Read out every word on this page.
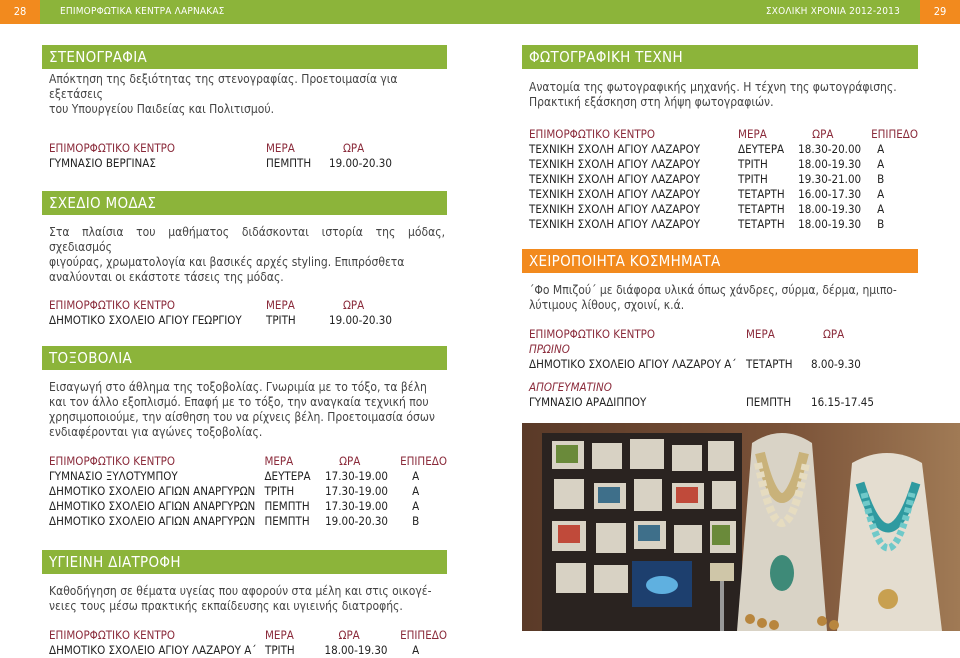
28	ΕΠΙΜΟΡΦΩΤΙΚΑ ΚΕΝΤΡΑ ΛΑΡΝΑΚΑΣ	ΣΧΟΛΙΚΗ ΧΡΟΝΙΑ 2012-2013	29
ΣΤΕΝΟΓΡΑΦΙΑ
Απόκτηση της δεξιότητας της στενογραφίας. Προετοιμασία για εξετάσεις
του Υπουργείου Παιδείας και Πολιτισμού.
ΕΠΙΜΟΡΦΩΤΙΚΟ ΚΕΝΤΡΟ	ΜΕΡΑ	ΩΡΑ
ΓΥΜΝΑΣΙΟ ΒΕΡΓΙΝΑΣ	ΠΕΜΠΤΗ	19.00-20.30
ΣΧΕΔΙΟ ΜΟΔΑΣ
Στα πλαίσια του μαθήματος διδάσκονται ιστορία της μόδας, σχεδιασμός
φιγούρας, χρωματολογία και βασικές αρχές styling. Επιπρόσθετα
αναλύονται οι εκάστοτε τάσεις της μόδας.
ΕΠΙΜΟΡΦΩΤΙΚΟ ΚΕΝΤΡΟ	ΜΕΡΑ	ΩΡΑ
ΔΗΜΟΤΙΚΟ ΣΧΟΛΕΙΟ ΑΓΙΟΥ ΓΕΩΡΓΙΟΥ	ΤΡΙΤΗ	19.00-20.30
ΤΟΞΟΒΟΛΙΑ
Εισαγωγή στο άθλημα της τοξοβολίας. Γνωριμία με το τόξο, τα βέλη
και τον άλλο εξοπλισμό. Επαφή με το τόξο, την αναγκαία τεχνική που
χρησιμοποιούμε, την αίσθηση του να ρίχνεις βέλη. Προετοιμασία όσων
ενδιαφέρονται για αγώνες τοξοβολίας.
ΕΠΙΜΟΡΦΩΤΙΚΟ ΚΕΝΤΡΟ	ΜΕΡΑ	ΩΡΑ	ΕΠΙΠΕΔΟ
ΓΥΜΝΑΣΙΟ ΞΥΛΟΤΥΜΠΟΥ	ΔΕΥΤΕΡΑ	17.30-19.00	Α
ΔΗΜΟΤΙΚΟ ΣΧΟΛΕΙΟ ΑΓΙΩΝ ΑΝΑΡΓΥΡΩΝ	ΤΡΙΤΗ	17.30-19.00	Α
ΔΗΜΟΤΙΚΟ ΣΧΟΛΕΙΟ ΑΓΙΩΝ ΑΝΑΡΓΥΡΩΝ	ΠΕΜΠΤΗ	17.30-19.00	Α
ΔΗΜΟΤΙΚΟ ΣΧΟΛΕΙΟ ΑΓΙΩΝ ΑΝΑΡΓΥΡΩΝ	ΠΕΜΠΤΗ	19.00-20.30	Β
ΥΓΙΕΙΝΗ ΔΙΑΤΡΟΦΗ
Καθοδήγηση σε θέματα υγείας που αφορούν στα μέλη και στις οικογέ-
νειες τους μέσω πρακτικής εκπαίδευσης και υγιεινής διατροφής.
ΕΠΙΜΟΡΦΩΤΙΚΟ ΚΕΝΤΡΟ	ΜΕΡΑ	ΩΡΑ	ΕΠΙΠΕΔΟ
ΔΗΜΟΤΙΚΟ ΣΧΟΛΕΙΟ ΑΓΙΟΥ ΛΑΖΑΡΟΥ Α΄	ΤΡΙΤΗ	18.00-19.30	Α
ΦΩΤΟΓΡΑΦΙΚΗ ΤΕΧΝΗ
Ανατομία της φωτογραφικής μηχανής. Η τέχνη της φωτογράφισης.
Πρακτική εξάσκηση στη λήψη φωτογραφιών.
ΕΠΙΜΟΡΦΩΤΙΚΟ ΚΕΝΤΡΟ	ΜΕΡΑ	ΩΡΑ	ΕΠΙΠΕΔΟ
ΤΕΧΝΙΚΗ ΣΧΟΛΗ ΑΓΙΟΥ ΛΑΖΑΡΟΥ	ΔΕΥΤΕΡΑ	18.30-20.00	Α
ΤΕΧΝΙΚΗ ΣΧΟΛΗ ΑΓΙΟΥ ΛΑΖΑΡΟΥ	ΤΡΙΤΗ	18.00-19.30	Α
ΤΕΧΝΙΚΗ ΣΧΟΛΗ ΑΓΙΟΥ ΛΑΖΑΡΟΥ	ΤΡΙΤΗ	19.30-21.00	Β
ΤΕΧΝΙΚΗ ΣΧΟΛΗ ΑΓΙΟΥ ΛΑΖΑΡΟΥ	ΤΕΤΑΡΤΗ	16.00-17.30	Α
ΤΕΧΝΙΚΗ ΣΧΟΛΗ ΑΓΙΟΥ ΛΑΖΑΡΟΥ	ΤΕΤΑΡΤΗ	18.00-19.30	Α
ΤΕΧΝΙΚΗ ΣΧΟΛΗ ΑΓΙΟΥ ΛΑΖΑΡΟΥ	ΤΕΤΑΡΤΗ	18.00-19.30	Β
ΧΕΙΡΟΠΟΙΗΤΑ ΚΟΣΜΗΜΑΤΑ
΄Φο Μπιζού΄ με διάφορα υλικά όπως χάνδρες, σύρμα, δέρμα, ημιπο-
λύτιμους λίθους, σχοινί, κ.ά.
ΕΠΙΜΟΡΦΩΤΙΚΟ ΚΕΝΤΡΟ	ΜΕΡΑ	ΩΡΑ
ΠΡΩΙΝΟ		
ΔΗΜΟΤΙΚΟ ΣΧΟΛΕΙΟ ΑΓΙΟΥ ΛΑΖΑΡΟΥ Α΄	ΤΕΤΑΡΤΗ	8.00-9.30

ΑΠΟΓΕΥΜΑΤΙΝΟ		
ΓΥΜΝΑΣΙΟ ΑΡΑΔΙΠΠΟΥ	ΠΕΜΠΤΗ	16.15-17.45
